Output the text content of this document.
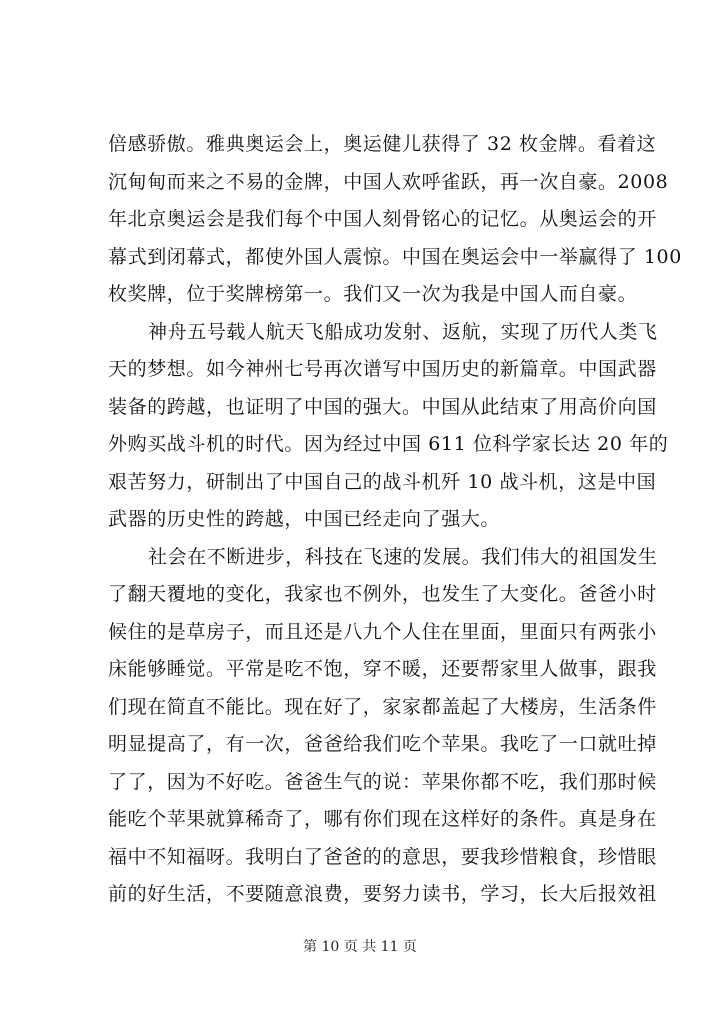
倍感骄傲。雅典奥运会上，奥运健儿获得了 32 枚金牌。看着这
沉甸甸而来之不易的金牌，中国人欢呼雀跃，再一次自豪。2008
年北京奥运会是我们每个中国人刻骨铭心的记忆。从奥运会的开
幕式到闭幕式，都使外国人震惊。中国在奥运会中一举赢得了 100
枚奖牌，位于奖牌榜第一。我们又一次为我是中国人而自豪。
神舟五号载人航天飞船成功发射、返航，实现了历代人类飞
天的梦想。如今神州七号再次谱写中国历史的新篇章。中国武器
装备的跨越，也证明了中国的强大。中国从此结束了用高价向国
外购买战斗机的时代。因为经过中国 611 位科学家长达 20 年的
艰苦努力，研制出了中国自己的战斗机歼 10 战斗机，这是中国
武器的历史性的跨越，中国已经走向了强大。
社会在不断进步，科技在飞速的发展。我们伟大的祖国发生
了翻天覆地的变化，我家也不例外，也发生了大变化。爸爸小时
候住的是草房子，而且还是八九个人住在里面，里面只有两张小
床能够睡觉。平常是吃不饱，穿不暖，还要帮家里人做事，跟我
们现在简直不能比。现在好了，家家都盖起了大楼房，生活条件
明显提高了，有一次，爸爸给我们吃个苹果。我吃了一口就吐掉
了了，因为不好吃。爸爸生气的说：苹果你都不吃，我们那时候
能吃个苹果就算稀奇了，哪有你们现在这样好的条件。真是身在
福中不知福呀。我明白了爸爸的的意思，要我珍惜粮食，珍惜眼
前的好生活，不要随意浪费，要努力读书，学习，长大后报效祖
第 10 页 共 11 页
